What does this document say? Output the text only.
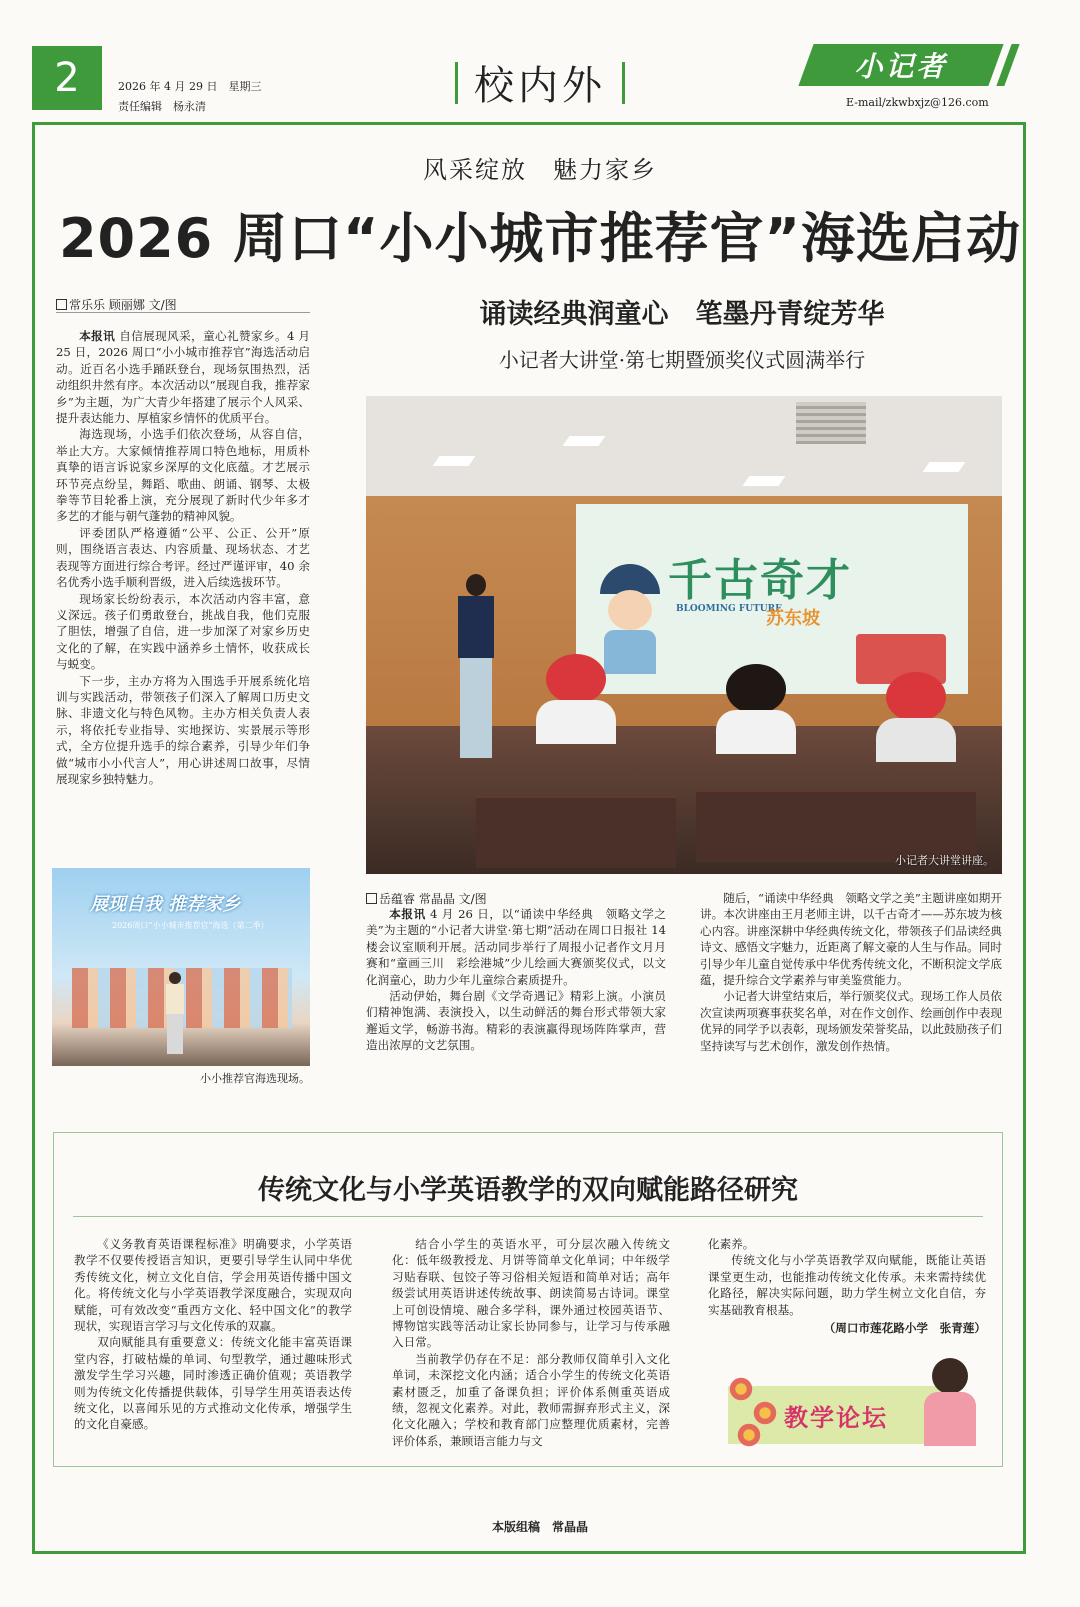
2	2026 年 4 月 29 日　星期三
责任编辑　杨永清	校内外	小记者
E-mail/zkwbxjz@126.com
风采绽放　魅力家乡
2026 周口“小小城市推荐官”海选启动
常乐乐 顾丽娜 文/图

本报讯 自信展现风采，童心礼赞家乡。4 月 25 日，2026 周口“小小城市推荐官”海选活动启动。近百名小选手踊跃登台，现场氛围热烈，活动组织井然有序。本次活动以“展现自我，推荐家乡”为主题，为广大青少年搭建了展示个人风采、提升表达能力、厚植家乡情怀的优质平台。

海选现场，小选手们依次登场，从容自信，举止大方。大家倾情推荐周口特色地标，用质朴真挚的语言诉说家乡深厚的文化底蕴。才艺展示环节亮点纷呈，舞蹈、歌曲、朗诵、钢琴、太极拳等节目轮番上演，充分展现了新时代少年多才多艺的才能与朝气蓬勃的精神风貌。

评委团队严格遵循“公平、公正、公开”原则，围绕语言表达、内容质量、现场状态、才艺表现等方面进行综合考评。经过严谨评审，40 余名优秀小选手顺利晋级，进入后续选拔环节。

现场家长纷纷表示，本次活动内容丰富，意义深远。孩子们勇敢登台，挑战自我，他们克服了胆怯，增强了自信，进一步加深了对家乡历史文化的了解，在实践中涵养乡土情怀，收获成长与蜕变。

下一步，主办方将为入围选手开展系统化培训与实践活动，带领孩子们深入了解周口历史文脉、非遗文化与特色风物。主办方相关负责人表示，将依托专业指导、实地探访、实景展示等形式，全方位提升选手的综合素养，引导少年们争做“城市小小代言人”，用心讲述周口故事，尽情展现家乡独特魅力。

展现自我 推荐家乡
2026周口“小小城市推荐官”海选（第二季）
小小推荐官海选现场。
诵读经典润童心　笔墨丹青绽芳华
小记者大讲堂·第七期暨颁奖仪式圆满举行
千古奇才
BLOOMING FUTURE
苏东坡
小记者大讲堂讲座。
岳蕴睿 常晶晶 文/图

本报讯 4 月 26 日，以“诵读中华经典　领略文学之美”为主题的“小记者大讲堂·第七期”活动在周口日报社 14 楼会议室顺利开展。活动同步举行了周报小记者作文月月赛和“童画三川　彩绘港城”少儿绘画大赛颁奖仪式，以文化润童心，助力少年儿童综合素质提升。

活动伊始，舞台剧《文学奇遇记》精彩上演。小演员们精神饱满、表演投入，以生动鲜活的舞台形式带领大家邂逅文学，畅游书海。精彩的表演赢得现场阵阵掌声，营造出浓厚的文艺氛围。

随后，“诵读中华经典　领略文学之美”主题讲座如期开讲。本次讲座由王月老师主讲，以千古奇才——苏东坡为核心内容。讲座深耕中华经典传统文化，带领孩子们品读经典诗文、感悟文字魅力，近距离了解文豪的人生与作品。同时引导少年儿童自觉传承中华优秀传统文化，不断积淀文学底蕴，提升综合文学素养与审美鉴赏能力。

小记者大讲堂结束后，举行颁奖仪式。现场工作人员依次宣读两项赛事获奖名单，对在作文创作、绘画创作中表现优异的同学予以表彰，现场颁发荣誉奖品，以此鼓励孩子们坚持读写与艺术创作，激发创作热情。

传统文化与小学英语教学的双向赋能路径研究

《义务教育英语课程标准》明确要求，小学英语教学不仅要传授语言知识，更要引导学生认同中华优秀传统文化，树立文化自信，学会用英语传播中国文化。将传统文化与小学英语教学深度融合，实现双向赋能，可有效改变“重西方文化、轻中国文化”的教学现状，实现语言学习与文化传承的双赢。

双向赋能具有重要意义：传统文化能丰富英语课堂内容，打破枯燥的单词、句型教学，通过趣味形式激发学生学习兴趣，同时渗透正确价值观；英语教学则为传统文化传播提供载体，引导学生用英语表达传统文化，以喜闻乐见的方式推动文化传承，增强学生的文化自豪感。

结合小学生的英语水平，可分层次融入传统文化：低年级教授龙、月饼等简单文化单词；中年级学习贴春联、包饺子等习俗相关短语和简单对话；高年级尝试用英语讲述传统故事、朗读简易古诗词。课堂上可创设情境、融合多学科，课外通过校园英语节、博物馆实践等活动让家长协同参与，让学习与传承融入日常。

当前教学仍存在不足：部分教师仅简单引入文化单词，未深挖文化内涵；适合小学生的传统文化英语素材匮乏，加重了备课负担；评价体系侧重英语成绩，忽视文化素养。对此，教师需摒弃形式主义，深化文化融入；学校和教育部门应整理优质素材，完善评价体系，兼顾语言能力与文

化素养。

传统文化与小学英语教学双向赋能，既能让英语课堂更生动，也能推动传统文化传承。未来需持续优化路径，解决实际问题，助力学生树立文化自信，夯实基础教育根基。

（周口市莲花路小学　张青莲）
教学论坛
本版组稿　常晶晶
